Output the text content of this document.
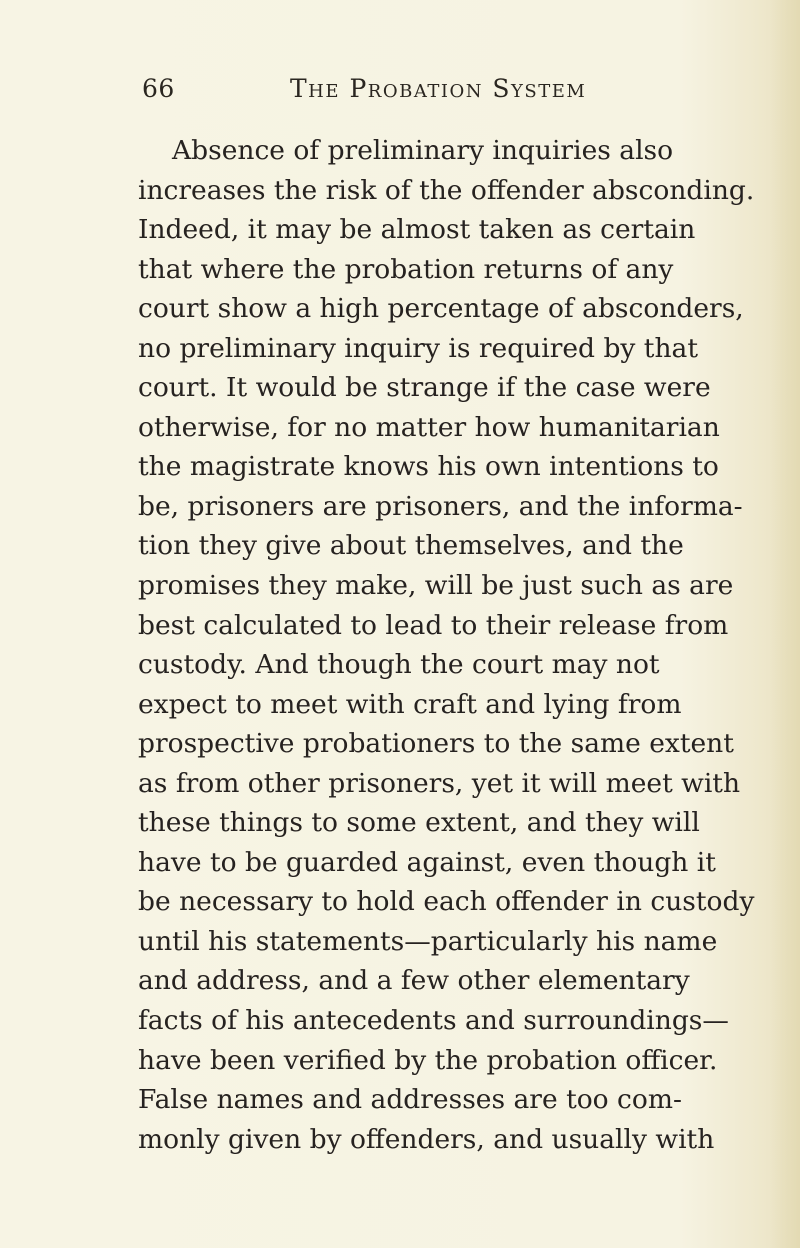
66	The Probation System
Absence of preliminary inquiries also
increases the risk of the offender absconding.
Indeed, it may be almost taken as certain
that where the probation returns of any
court show a high percentage of absconders,
no preliminary inquiry is required by that
court. It would be strange if the case were
otherwise, for no matter how humanitarian
the magistrate knows his own intentions to
be, prisoners are prisoners, and the informa-
tion they give about themselves, and the
promises they make, will be just such as are
best calculated to lead to their release from
custody. And though the court may not
expect to meet with craft and lying from
prospective probationers to the same extent
as from other prisoners, yet it will meet with
these things to some extent, and they will
have to be guarded against, even though it
be necessary to hold each offender in custody
until his statements—particularly his name
and address, and a few other elementary
facts of his antecedents and surroundings—
have been verified by the probation officer.
False names and addresses are too com-
monly given by offenders, and usually with
